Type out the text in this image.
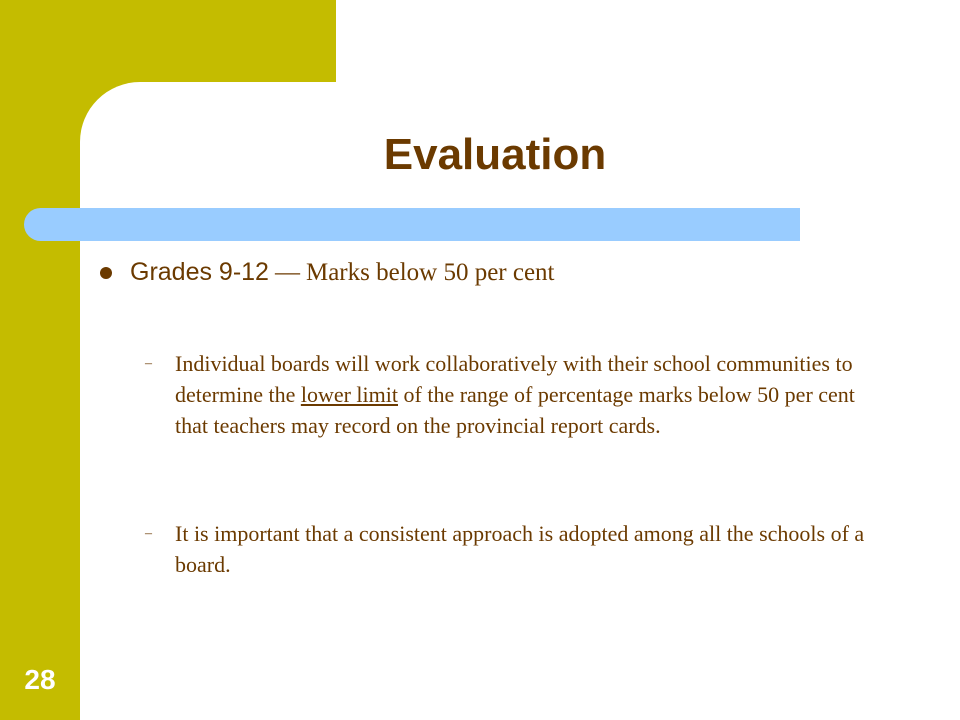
Evaluation
Grades 9-12 — Marks below 50 per cent
–	Individual boards will work collaboratively with their school communities to determine the lower limit of the range of percentage marks below 50 per cent that teachers may record on the provincial report cards.
–	It is important that a consistent approach is adopted among all the schools of a board.
28
